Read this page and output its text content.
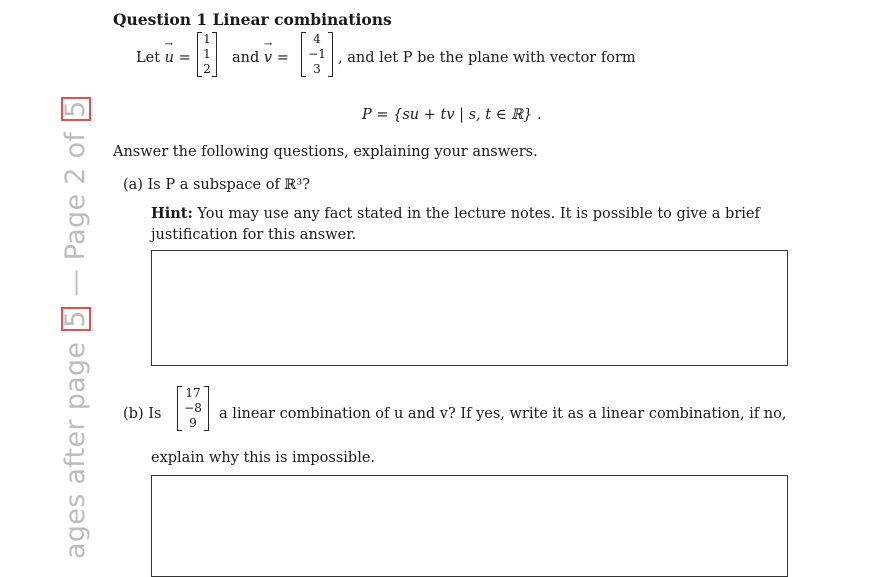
ages after page 5 — Page 2 of 5
Question 1 Linear combinations
Let → u =
1
1
2
and → v =
4
−1
3
, and let P be the plane with vector form
P = {su + tv | s, t ∈ ℝ} .
Answer the following questions, explaining your answers.
(a) Is P a subspace of ℝ³?
Hint: You may use any fact stated in the lecture notes. It is possible to give a brief justification for this answer.
(b) Is
17
−8
9
a linear combination of u and v? If yes, write it as a linear combination, if no,
explain why this is impossible.
